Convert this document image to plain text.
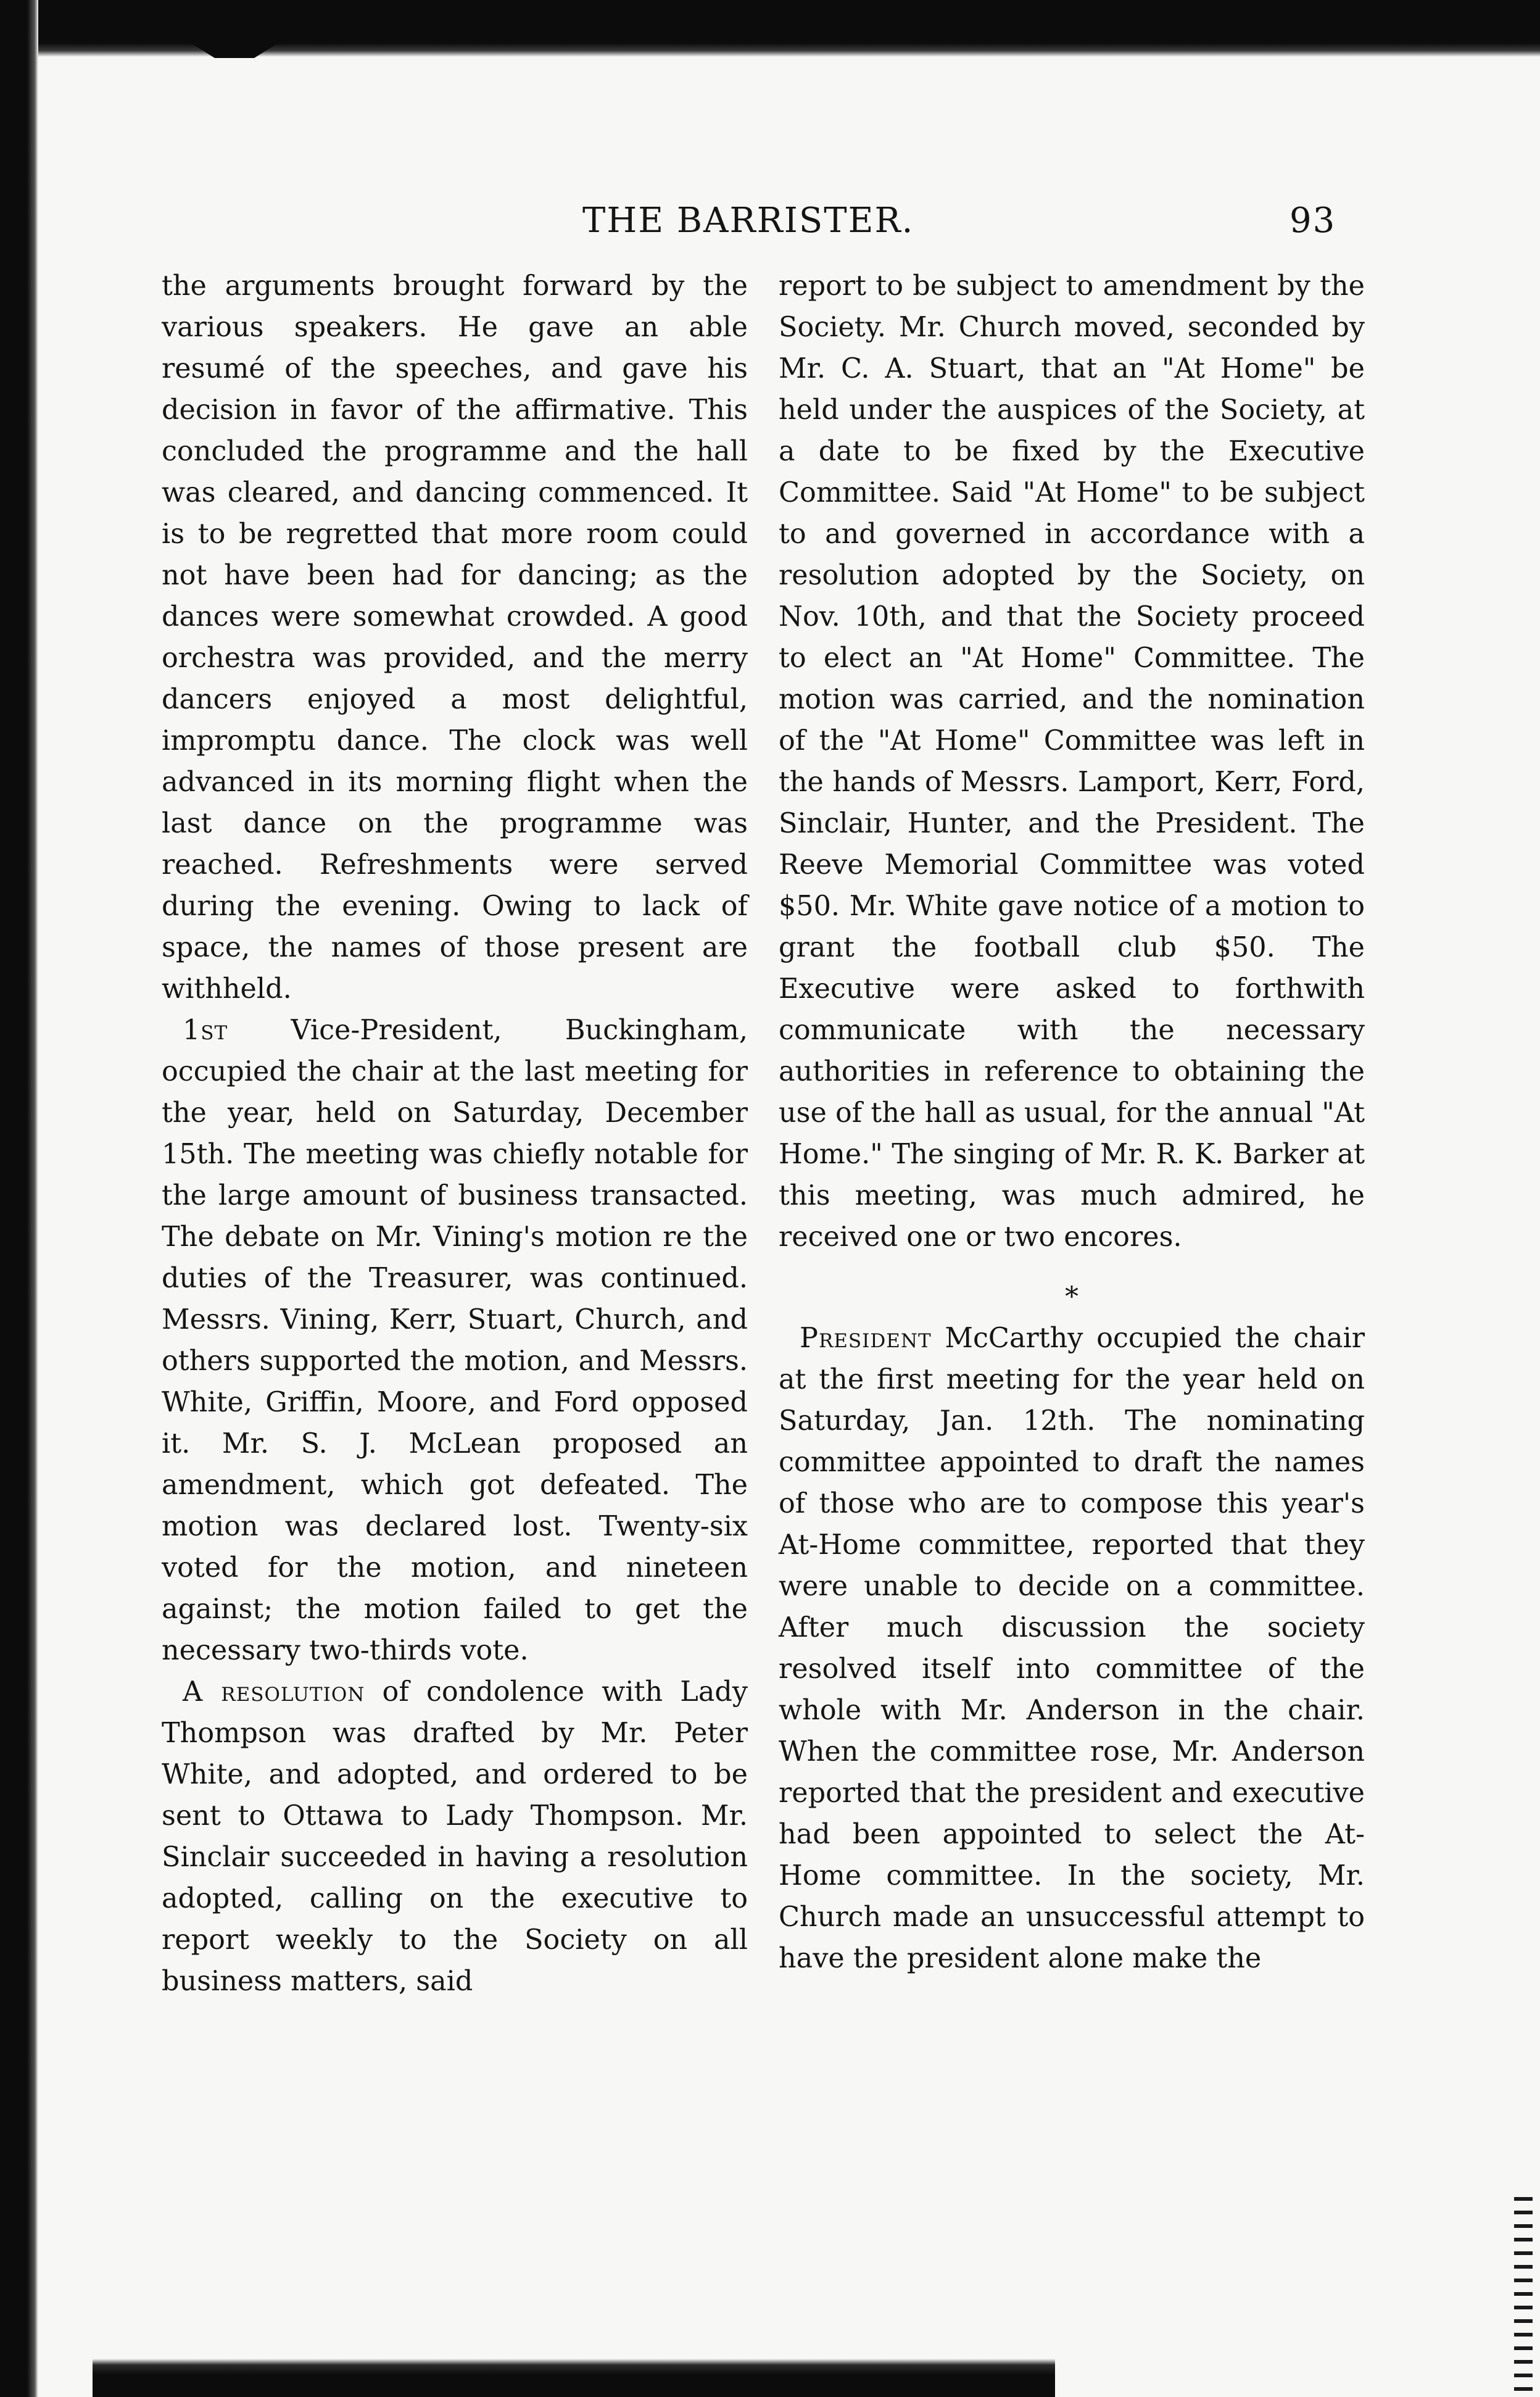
THE BARRISTER.	93

the arguments brought forward by the various speakers. He gave an able resumé of the speeches, and gave his decision in favor of the affirmative. This concluded the programme and the hall was cleared, and dancing commenced. It is to be regretted that more room could not have been had for dancing; as the dances were somewhat crowded. A good orchestra was provided, and the merry dancers enjoyed a most delightful, impromptu dance. The clock was well advanced in its morning flight when the last dance on the programme was reached. Refreshments were served during the evening. Owing to lack of space, the names of those present are withheld.

1st Vice-President, Buckingham, occupied the chair at the last meeting for the year, held on Saturday, December 15th. The meeting was chiefly notable for the large amount of business transacted. The debate on Mr. Vining's motion re the duties of the Treasurer, was continued. Messrs. Vining, Kerr, Stuart, Church, and others supported the motion, and Messrs. White, Griffin, Moore, and Ford opposed it. Mr. S. J. McLean proposed an amendment, which got defeated. The motion was declared lost. Twenty-six voted for the motion, and nineteen against; the motion failed to get the necessary two-thirds vote.

A resolution of condolence with Lady Thompson was drafted by Mr. Peter White, and adopted, and ordered to be sent to Ottawa to Lady Thompson. Mr. Sinclair succeeded in having a resolution adopted, calling on the executive to report weekly to the Society on all business matters, said

report to be subject to amendment by the Society. Mr. Church moved, seconded by Mr. C. A. Stuart, that an "At Home" be held under the auspices of the Society, at a date to be fixed by the Executive Committee. Said "At Home" to be subject to and governed in accordance with a resolution adopted by the Society, on Nov. 10th, and that the Society proceed to elect an "At Home" Committee. The motion was carried, and the nomination of the "At Home" Committee was left in the hands of Messrs. Lamport, Kerr, Ford, Sinclair, Hunter, and the President. The Reeve Memorial Committee was voted $50. Mr. White gave notice of a motion to grant the football club $50. The Executive were asked to forthwith communicate with the necessary authorities in reference to obtaining the use of the hall as usual, for the annual "At Home." The singing of Mr. R. K. Barker at this meeting, was much admired, he received one or two encores.

*

President McCarthy occupied the chair at the first meeting for the year held on Saturday, Jan. 12th. The nominating committee appointed to draft the names of those who are to compose this year's At-Home committee, reported that they were unable to decide on a committee. After much discussion the society resolved itself into committee of the whole with Mr. Anderson in the chair. When the committee rose, Mr. Anderson reported that the president and executive had been appointed to select the At-Home committee. In the society, Mr. Church made an unsuccessful attempt to have the president alone make the
